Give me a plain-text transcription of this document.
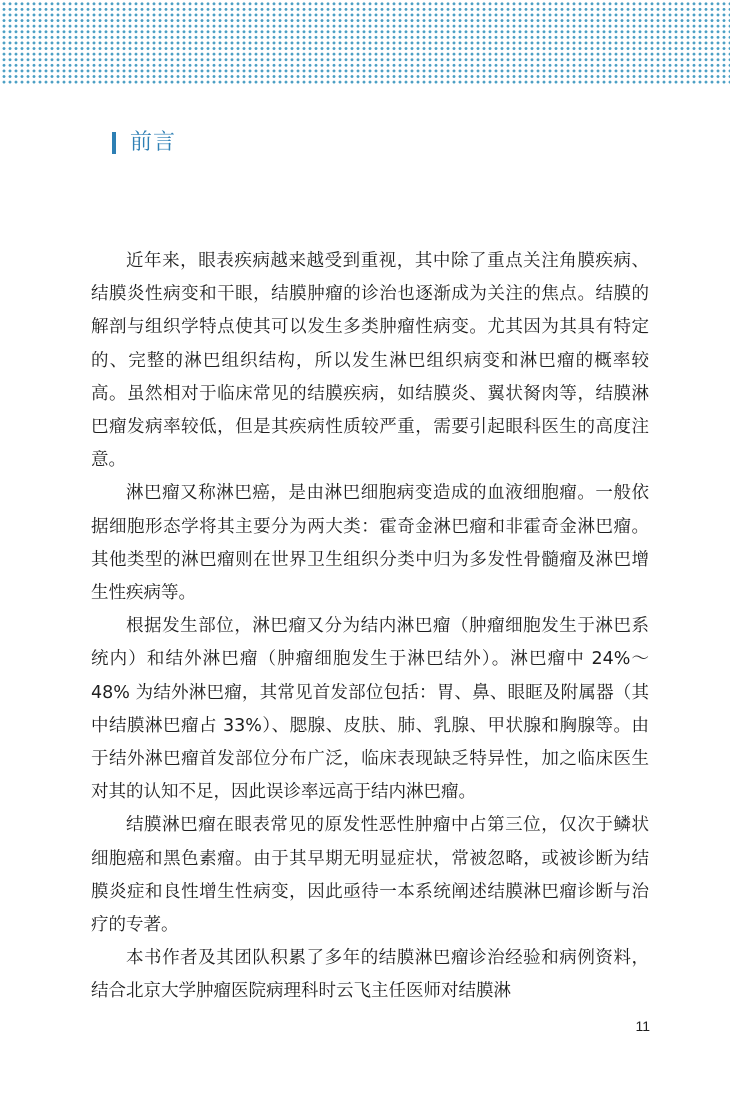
前言

近年来，眼表疾病越来越受到重视，其中除了重点关注角膜疾病、结膜炎性病变和干眼，结膜肿瘤的诊治也逐渐成为关注的焦点。结膜的解剖与组织学特点使其可以发生多类肿瘤性病变。尤其因为其具有特定的、完整的淋巴组织结构，所以发生淋巴组织病变和淋巴瘤的概率较高。虽然相对于临床常见的结膜疾病，如结膜炎、翼状胬肉等，结膜淋巴瘤发病率较低，但是其疾病性质较严重，需要引起眼科医生的高度注意。

淋巴瘤又称淋巴癌，是由淋巴细胞病变造成的血液细胞瘤。一般依据细胞形态学将其主要分为两大类：霍奇金淋巴瘤和非霍奇金淋巴瘤。其他类型的淋巴瘤则在世界卫生组织分类中归为多发性骨髓瘤及淋巴增生性疾病等。

根据发生部位，淋巴瘤又分为结内淋巴瘤（肿瘤细胞发生于淋巴系统内）和结外淋巴瘤（肿瘤细胞发生于淋巴结外）。淋巴瘤中 24%～48% 为结外淋巴瘤，其常见首发部位包括：胃、鼻、眼眶及附属器（其中结膜淋巴瘤占 33%）、腮腺、皮肤、肺、乳腺、甲状腺和胸腺等。由于结外淋巴瘤首发部位分布广泛，临床表现缺乏特异性，加之临床医生对其的认知不足，因此误诊率远高于结内淋巴瘤。

结膜淋巴瘤在眼表常见的原发性恶性肿瘤中占第三位，仅次于鳞状细胞癌和黑色素瘤。由于其早期无明显症状，常被忽略，或被诊断为结膜炎症和良性增生性病变，因此亟待一本系统阐述结膜淋巴瘤诊断与治疗的专著。

本书作者及其团队积累了多年的结膜淋巴瘤诊治经验和病例资料，结合北京大学肿瘤医院病理科时云飞主任医师对结膜淋

11
